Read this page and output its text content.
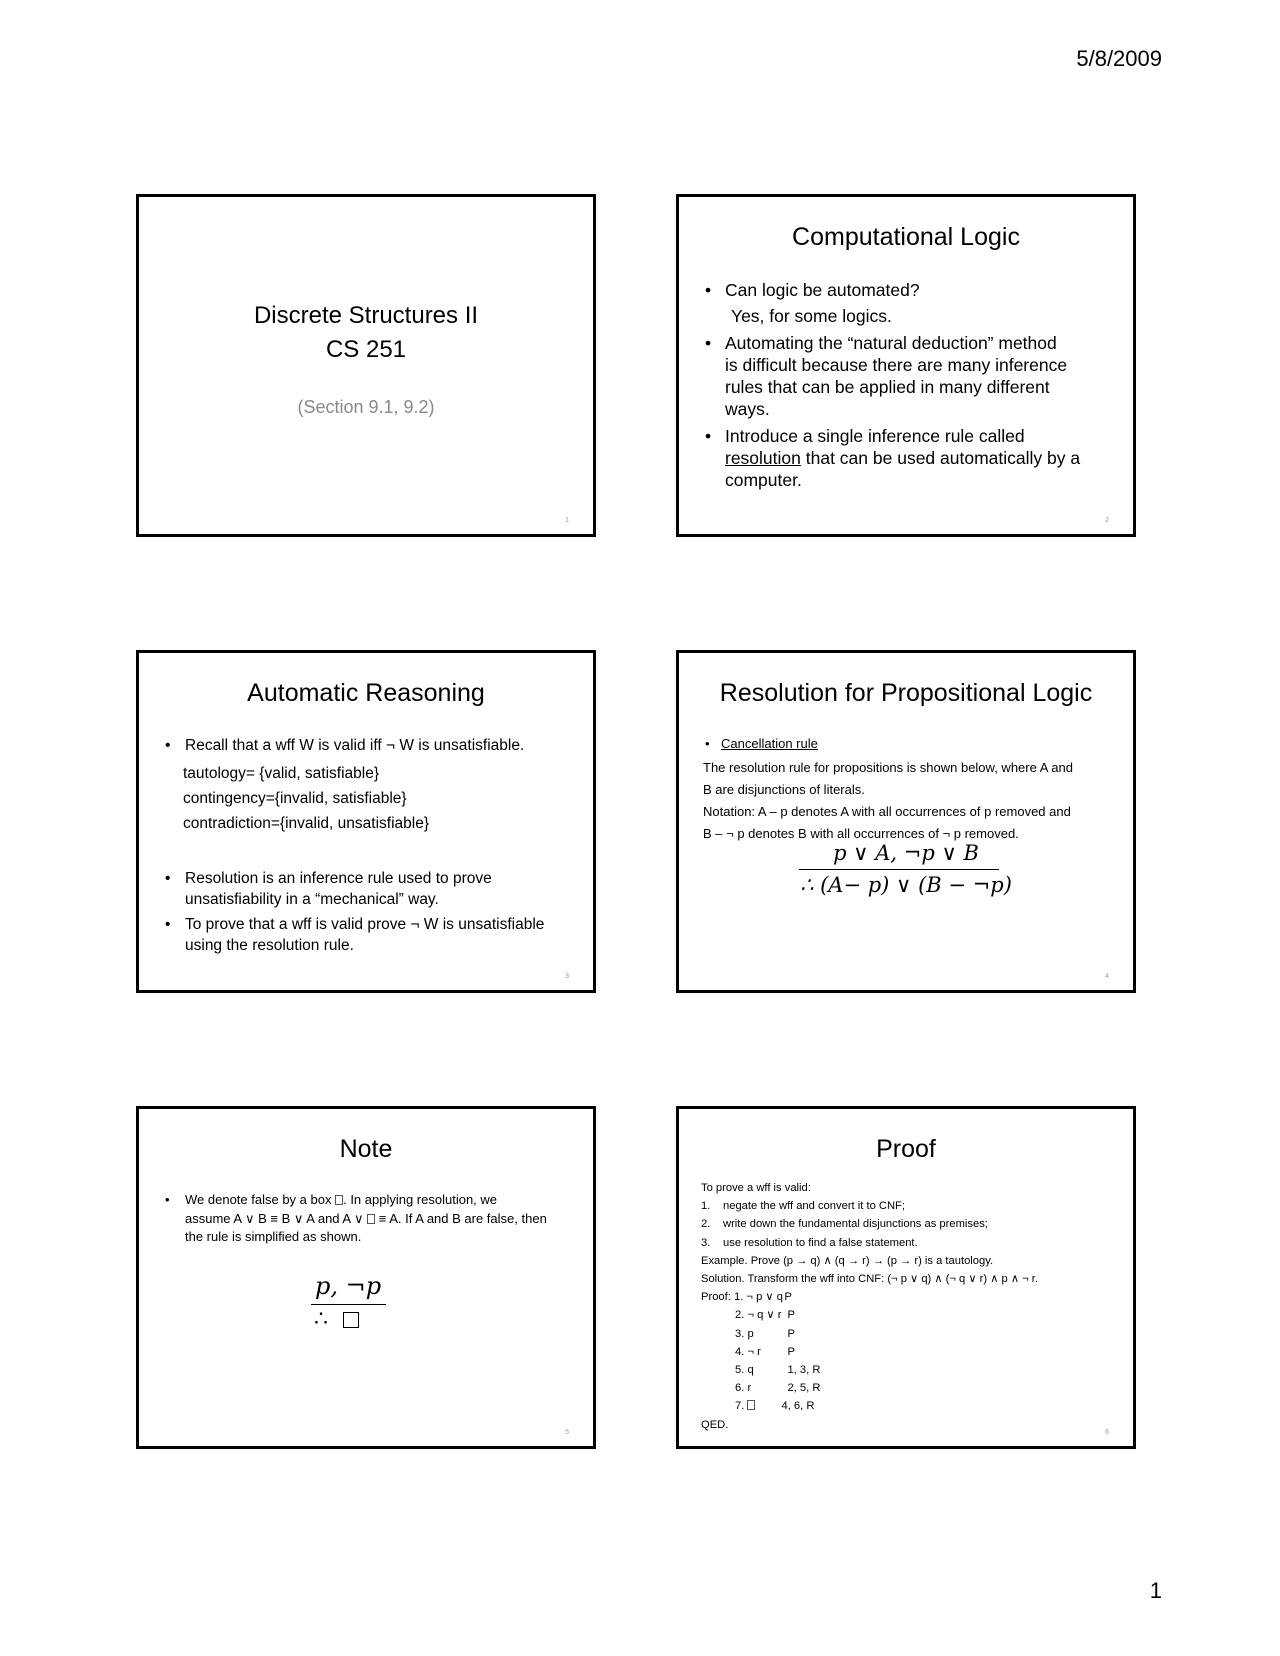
5/8/2009
Discrete Structures II
CS 251
(Section 9.1, 9.2)
1
Computational Logic
• Can logic be automated?
Yes, for some logics.
• Automating the “natural deduction” method
is difficult because there are many inference
rules that can be applied in many different
ways.
• Introduce a single inference rule called
resolution that can be used automatically by a
computer.
2
Automatic Reasoning
• Recall that a wff W is valid iff ¬ W is unsatisfiable.
tautology= {valid, satisfiable}
contingency={invalid, satisfiable}
contradiction={invalid, unsatisfiable}
• Resolution is an inference rule used to prove
unsatisfiability in a “mechanical” way.
• To prove that a wff is valid prove ¬ W is unsatisfiable
using the resolution rule.
3
Resolution for Propositional Logic
• Cancellation rule
The resolution rule for propositions is shown below, where A and
B are disjunctions of literals.
Notation: A – p denotes A with all occurrences of p removed and
B – ¬ p denotes B with all occurrences of ¬ p removed.
p ∨ A, ¬p ∨ B
∴ (A− p) ∨ (B − ¬p)
4
Note
• We denote false by a box . In applying resolution, we
assume A ∨ B ≡ B ∨ A and A ∨ ≡ A. If A and B are false, then
the rule is simplified as shown.
p, ¬p
∴
5
Proof
To prove a wff is valid:
1. negate the wff and convert it to CNF;
2. write down the fundamental disjunctions as premises;
3. use resolution to find a false statement.
Example. Prove (p → q) ∧ (q → r) → (p → r) is a tautology.
Solution. Transform the wff into CNF: (¬ p ∨ q) ∧ (¬ q ∨ r) ∧ p ∧ ¬ r.
Proof: 1. ¬ p ∨ q P
2. ¬ q ∨ r P
3. p	P
4. ¬ r P
5. q	1, 3, R
6. r	2, 5, R
7.	4, 6, R
QED.
6
1
